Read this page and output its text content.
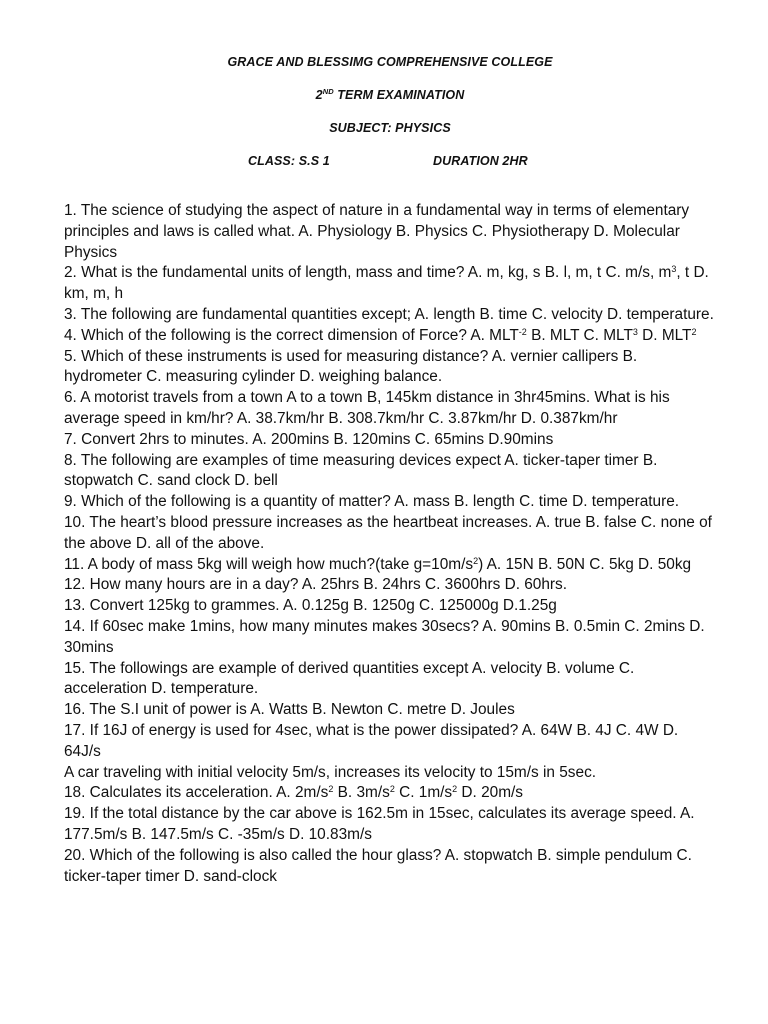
GRACE AND BLESSIMG COMPREHENSIVE COLLEGE
2ND TERM EXAMINATION
SUBJECT: PHYSICS
CLASS: S.S 1	DURATION 2HR

1. The science of studying the aspect of nature in a fundamental way in terms of elementary principles and laws is called what. A. Physiology B. Physics C. Physiotherapy D. Molecular Physics

2. What is the fundamental units of length, mass and time? A. m, kg, s B. l, m, t C. m/s, $m^3$, t D. km, m, h

3. The following are fundamental quantities except; A. length B. time C. velocity D. temperature.

4. Which of the following is the correct dimension of Force? A. $MLT^{-2}$ B. MLT C. MLT$^3$ D. MLT$^2$

5. Which of these instruments is used for measuring distance? A. vernier callipers B. hydrometer C. measuring cylinder D. weighing balance.

6. A motorist travels from a town A to a town B, 145km distance in 3hr45mins. What is his average speed in km/hr? A. 38.7km/hr B. 308.7km/hr C. 3.87km/hr D. 0.387km/hr

7. Convert 2hrs to minutes. A. 200mins B. 120mins C. 65mins D.90mins

8. The following are examples of time measuring devices expect A. ticker-taper timer B. stopwatch C. sand clock D. bell

9. Which of the following is a quantity of matter? A. mass B. length C. time D. temperature.

10. The heart’s blood pressure increases as the heartbeat increases. A. true B. false C. none of the above D. all of the above.

11. A body of mass 5kg will weigh how much?(take $g=10m/s^2$) A. 15N B. 50N C. 5kg D. 50kg

12. How many hours are in a day? A. 25hrs B. 24hrs C. 3600hrs D. 60hrs.

13. Convert 125kg to grammes. A. 0.125g B. 1250g C. 125000g D.1.25g

14. If 60sec make 1mins, how many minutes makes 30secs? A. 90mins B. 0.5min C. 2mins D. 30mins

15. The followings are example of derived quantities except A. velocity B. volume C. acceleration D. temperature.

16. The S.I unit of power is A. Watts B. Newton C. metre D. Joules

17. If 16J of energy is used for 4sec, what is the power dissipated? A. 64W B. 4J C. 4W D. 64J/s

A car traveling with initial velocity 5m/s, increases its velocity to 15m/s in 5sec.

18. Calculates its acceleration. A. $2m/s^2$ B. $3m/s^2$ C. $1m/s^2$ D. 20m/s

19. If the total distance by the car above is 162.5m in 15sec, calculates its average speed. A. 177.5m/s B. 147.5m/s C. -35m/s D. 10.83m/s

20. Which of the following is also called the hour glass? A. stopwatch B. simple pendulum C. ticker-taper timer D. sand-clock
